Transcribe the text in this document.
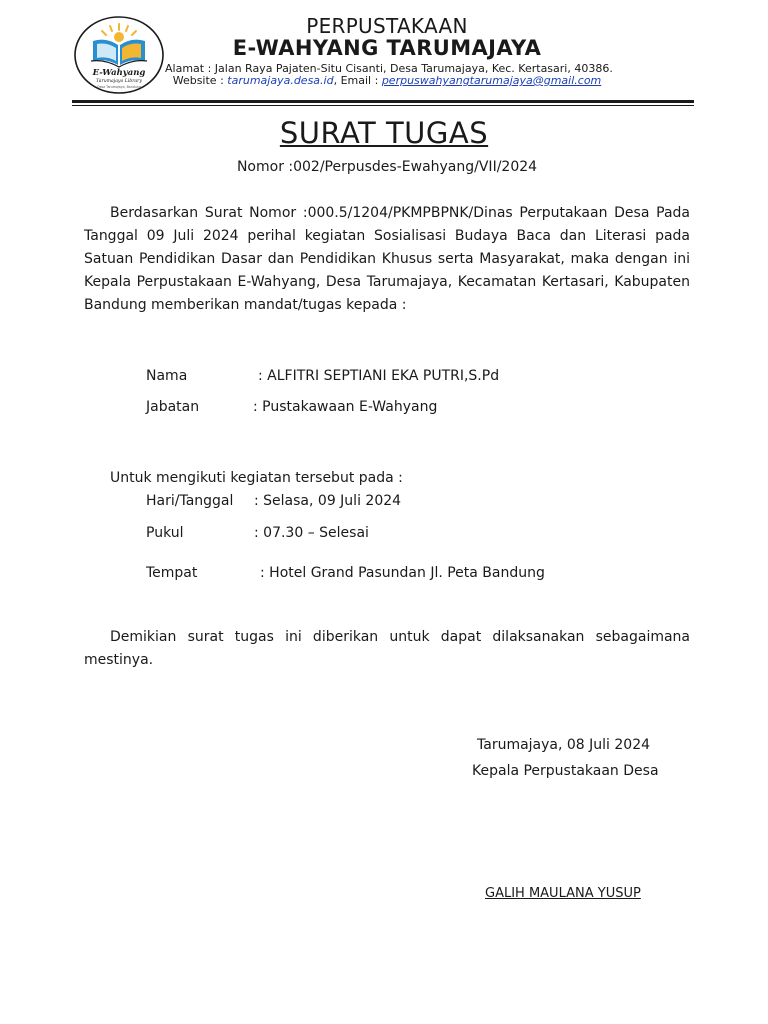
E-Wahyang
Tarumajaya Library
Desa Tarumajaya, Bandung
PERPUSTAKAAN
E-WAHYANG TARUMAJAYA
Alamat : Jalan Raya Pajaten-Situ Cisanti, Desa Tarumajaya, Kec. Kertasari, 40386.
Website : tarumajaya.desa.id, Email : perpuswahyangtarumajaya@gmail.com
SURAT TUGAS
Nomor :002/Perpusdes-Ewahyang/VII/2024
Berdasarkan Surat Nomor :000.5/1204/PKMPBPNK/Dinas Perputakaan Desa Pada Tanggal 09 Juli 2024 perihal kegiatan Sosialisasi Budaya Baca dan Literasi pada Satuan Pendidikan Dasar dan Pendidikan Khusus serta Masyarakat, maka dengan ini Kepala Perpustakaan E-Wahyang, Desa Tarumajaya, Kecamatan Kertasari, Kabupaten Bandung memberikan mandat/tugas kepada :
Nama	: ALFITRI SEPTIANI EKA PUTRI,S.Pd
Jabatan	: Pustakawaan E-Wahyang
Untuk mengikuti kegiatan tersebut pada :
Hari/Tanggal : Selasa, 09 Juli 2024
Pukul	: 07.30 – Selesai
Tempat	: Hotel Grand Pasundan Jl. Peta Bandung
Demikian surat tugas ini diberikan untuk dapat dilaksanakan sebagaimana mestinya.
Tarumajaya, 08 Juli 2024
Kepala Perpustakaan Desa
GALIH MAULANA YUSUP
